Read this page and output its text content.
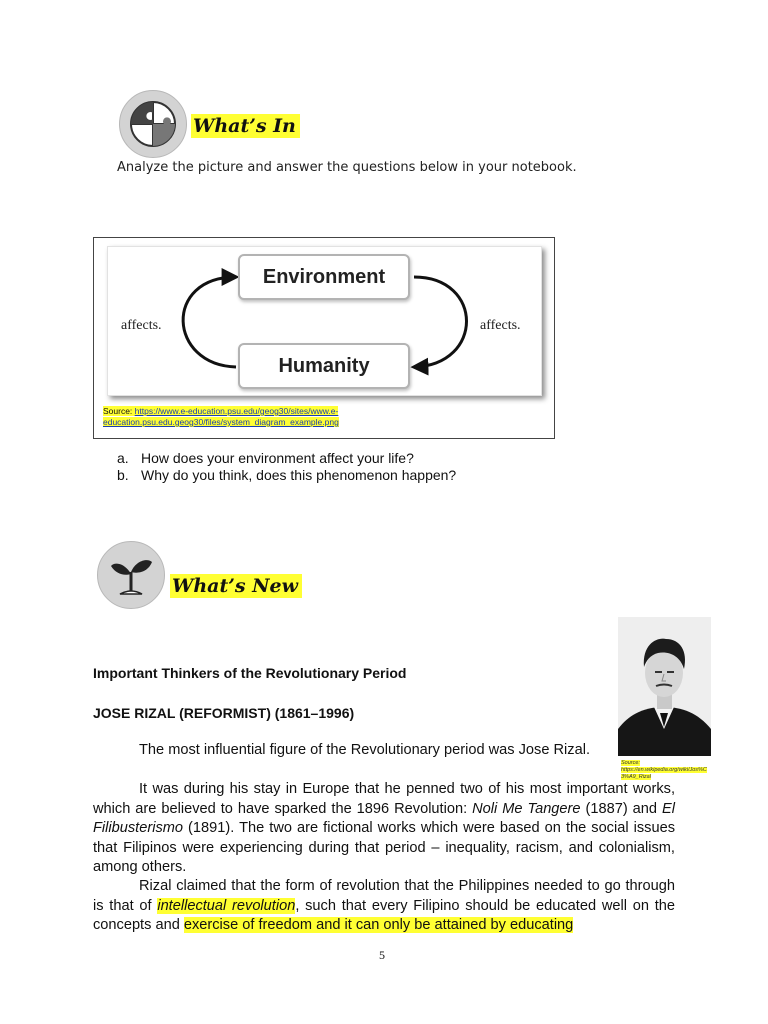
What’s In
Analyze the picture and answer the questions below in your notebook.
Environment
Humanity
affects.	affects.
Source: https://www.e-education.psu.edu/geog30/sites/www.e-
education.psu.edu.geog30/files/system_diagram_example.png
a. How does your environment affect your life?
b. Why do you think, does this phenomenon happen?
What’s New
Source:
https://en.wikipedia.org/wiki/Jos%C
3%A9_Rizal
Important Thinkers of the Revolutionary Period
JOSE RIZAL (REFORMIST) (1861–1996)
The most influential figure of the Revolutionary period was Jose Rizal.
It was during his stay in Europe that he penned two of his most important works, which are believed to have sparked the 1896 Revolution: Noli Me Tangere (1887) and El Filibusterismo (1891). The two are fictional works which were based on the social issues that Filipinos were experiencing during that period – inequality, racism, and colonialism, among others.
Rizal claimed that the form of revolution that the Philippines needed to go through is that of intellectual revolution, such that every Filipino should be educated well on the concepts and exercise of freedom and it can only be attained by educating
5
